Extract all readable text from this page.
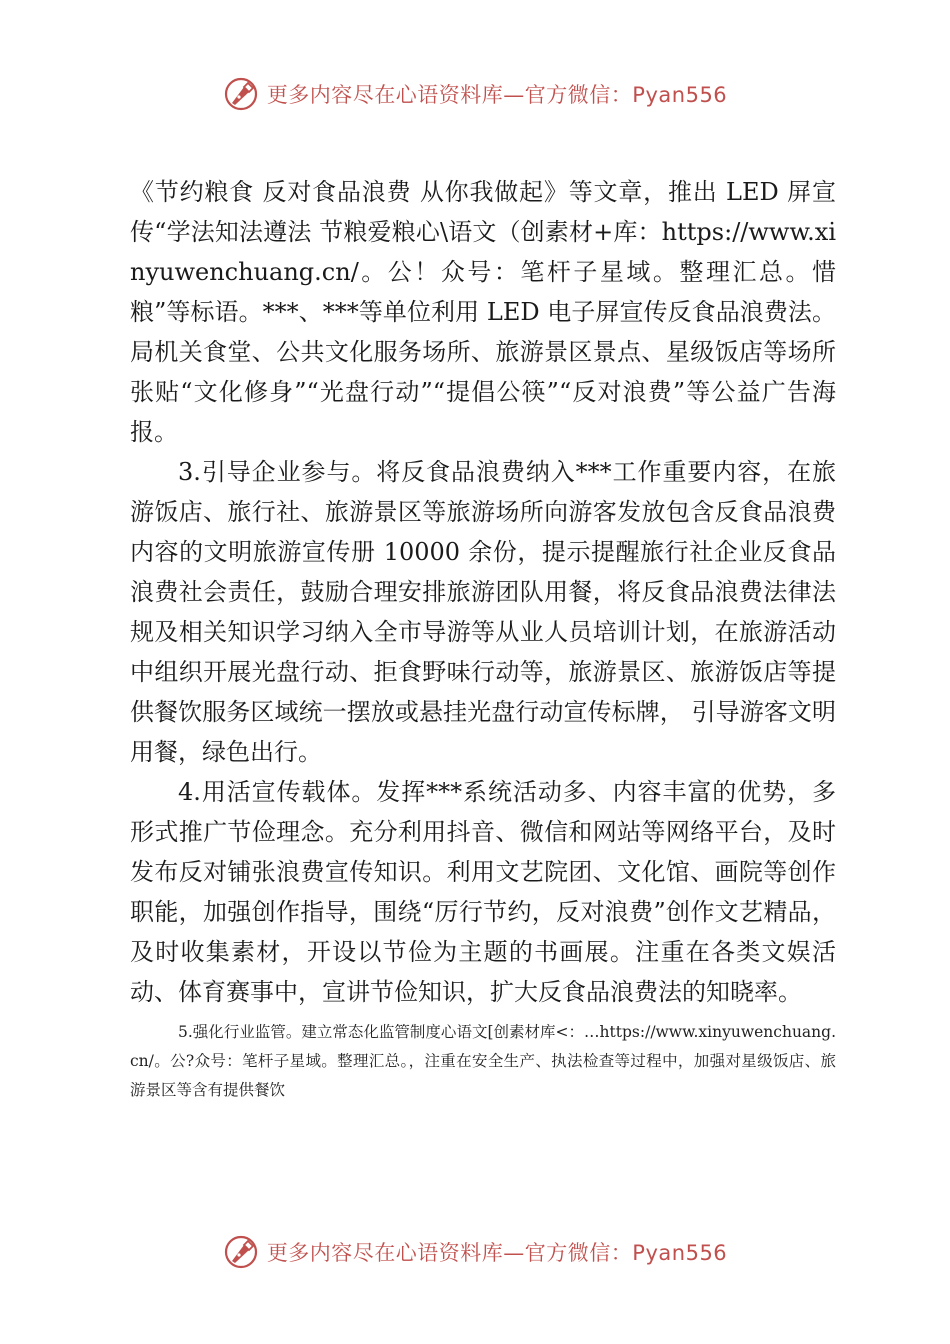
更多内容尽在心语资料库—官方微信：Pyan556

《节约粮食 反对食品浪费 从你我做起》等文章，推出 LED 屏宣传“学法知法遵法 节粮爱粮心\语文（创素材+库：https://www.xinyuwenchuang.cn/。公！众号：笔杆子星域。整理汇总。惜粮”等标语。***、***等单位利用 LED 电子屏宣传反食品浪费法。局机关食堂、公共文化服务场所、旅游景区景点、星级饭店等场所张贴“文化修身”“光盘行动”“提倡公筷”“反对浪费”等公益广告海报。

3.引导企业参与。将反食品浪费纳入***工作重要内容，在旅游饭店、旅行社、旅游景区等旅游场所向游客发放包含反食品浪费内容的文明旅游宣传册 10000 余份，提示提醒旅行社企业反食品浪费社会责任，鼓励合理安排旅游团队用餐，将反食品浪费法律法规及相关知识学习纳入全市导游等从业人员培训计划，在旅游活动中组织开展光盘行动、拒食野味行动等，旅游景区、旅游饭店等提供餐饮服务区域统一摆放或悬挂光盘行动宣传标牌， 引导游客文明用餐，绿色出行。

4.用活宣传载体。发挥***系统活动多、内容丰富的优势，多形式推广节俭理念。充分利用抖音、微信和网站等网络平台，及时发布反对铺张浪费宣传知识。利用文艺院团、文化馆、画院等创作职能，加强创作指导，围绕“厉行节约，反对浪费”创作文艺精品，及时收集素材，开设以节俭为主题的书画展。注重在各类文娱活动、体育赛事中，宣讲节俭知识，扩大反食品浪费法的知晓率。

5.强化行业监管。建立常态化监管制度心语文[创素材库<：…https://www.xinyuwenchuang.cn/。公?众号：笔杆子星域。整理汇总。，注重在安全生产、执法检查等过程中，加强对星级饭店、旅游景区等含有提供餐饮

更多内容尽在心语资料库—官方微信：Pyan556
